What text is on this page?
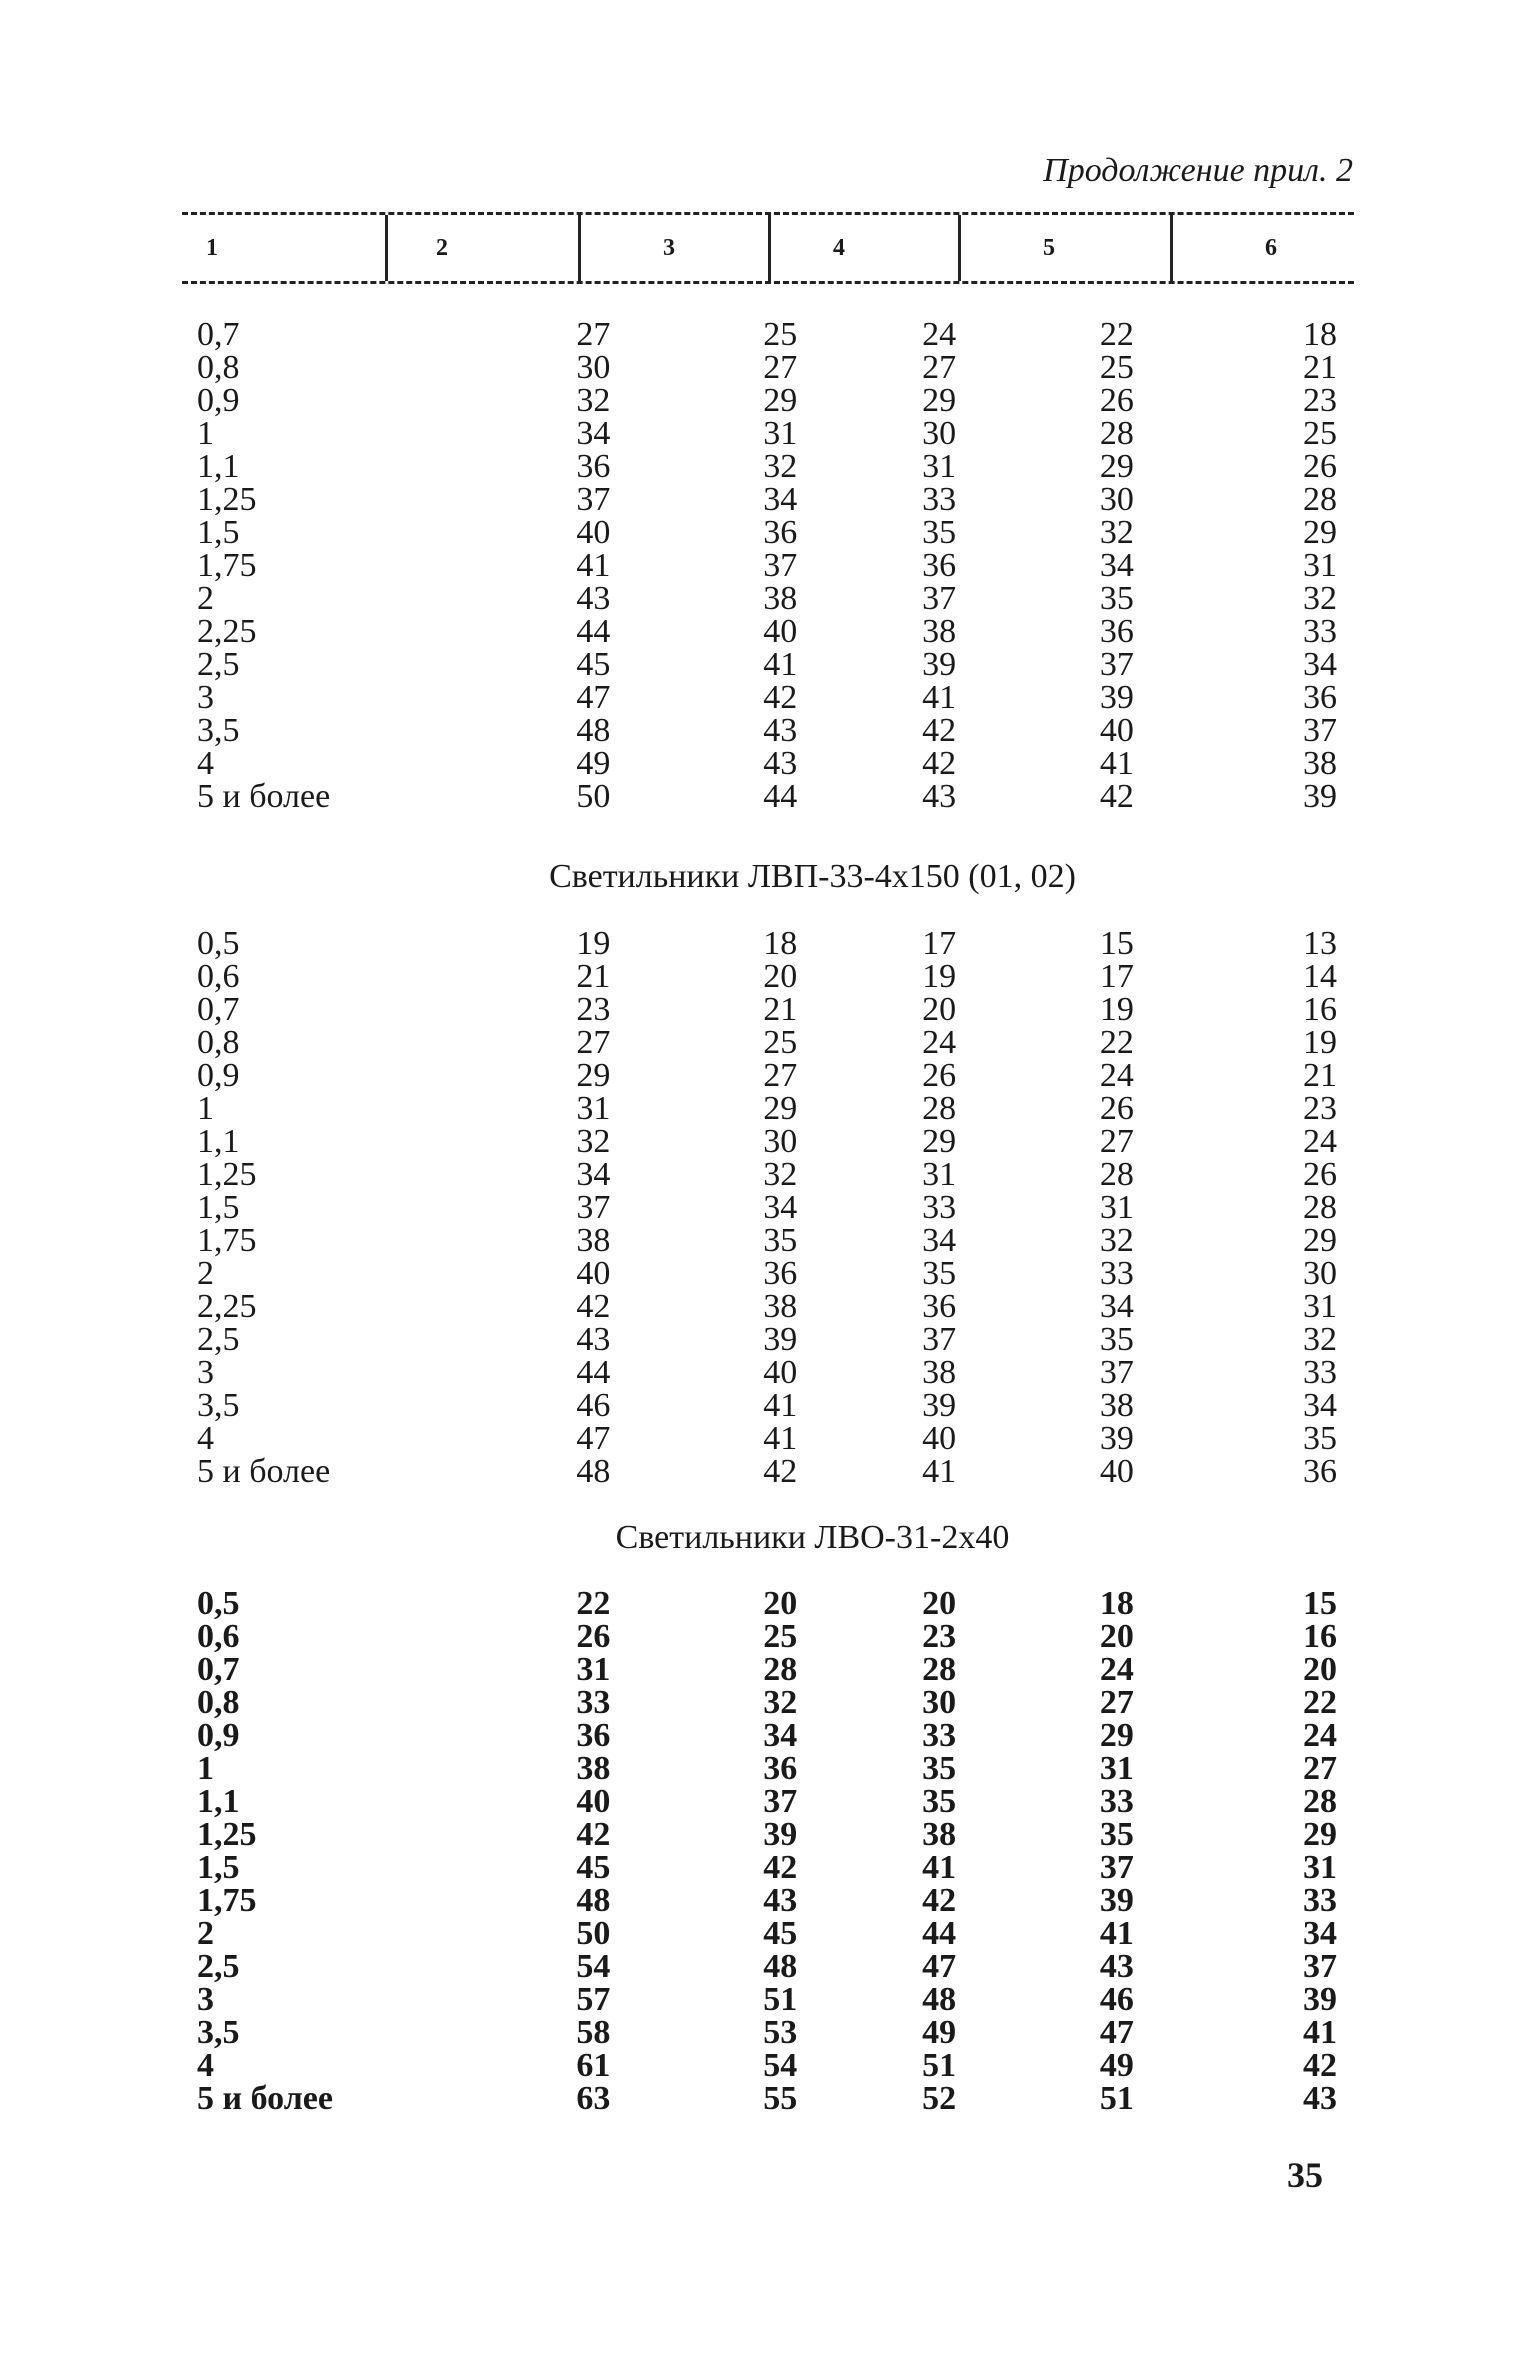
Продолжение прил. 2
1	2	3	4	5	6
0,7	27	25	24	22	18
0,8	30	27	27	25	21
0,9	32	29	29	26	23
1	34	31	30	28	25
1,1	36	32	31	29	26
1,25	37	34	33	30	28
1,5	40	36	35	32	29
1,75	41	37	36	34	31
2	43	38	37	35	32
2,25	44	40	38	36	33
2,5	45	41	39	37	34
3	47	42	41	39	36
3,5	48	43	42	40	37
4	49	43	42	41	38
5 и более	50	44	43	42	39
Светильники ЛВП-33-4х150 (01, 02)
0,5	19	18	17	15	13
0,6	21	20	19	17	14
0,7	23	21	20	19	16
0,8	27	25	24	22	19
0,9	29	27	26	24	21
1	31	29	28	26	23
1,1	32	30	29	27	24
1,25	34	32	31	28	26
1,5	37	34	33	31	28
1,75	38	35	34	32	29
2	40	36	35	33	30
2,25	42	38	36	34	31
2,5	43	39	37	35	32
3	44	40	38	37	33
3,5	46	41	39	38	34
4	47	41	40	39	35
5 и более	48	42	41	40	36
Светильники ЛВО-31-2х40
0,5	22	20	20	18	15
0,6	26	25	23	20	16
0,7	31	28	28	24	20
0,8	33	32	30	27	22
0,9	36	34	33	29	24
1	38	36	35	31	27
1,1	40	37	35	33	28
1,25	42	39	38	35	29
1,5	45	42	41	37	31
1,75	48	43	42	39	33
2	50	45	44	41	34
2,5	54	48	47	43	37
3	57	51	48	46	39
3,5	58	53	49	47	41
4	61	54	51	49	42
5 и более	63	55	52	51	43
35
